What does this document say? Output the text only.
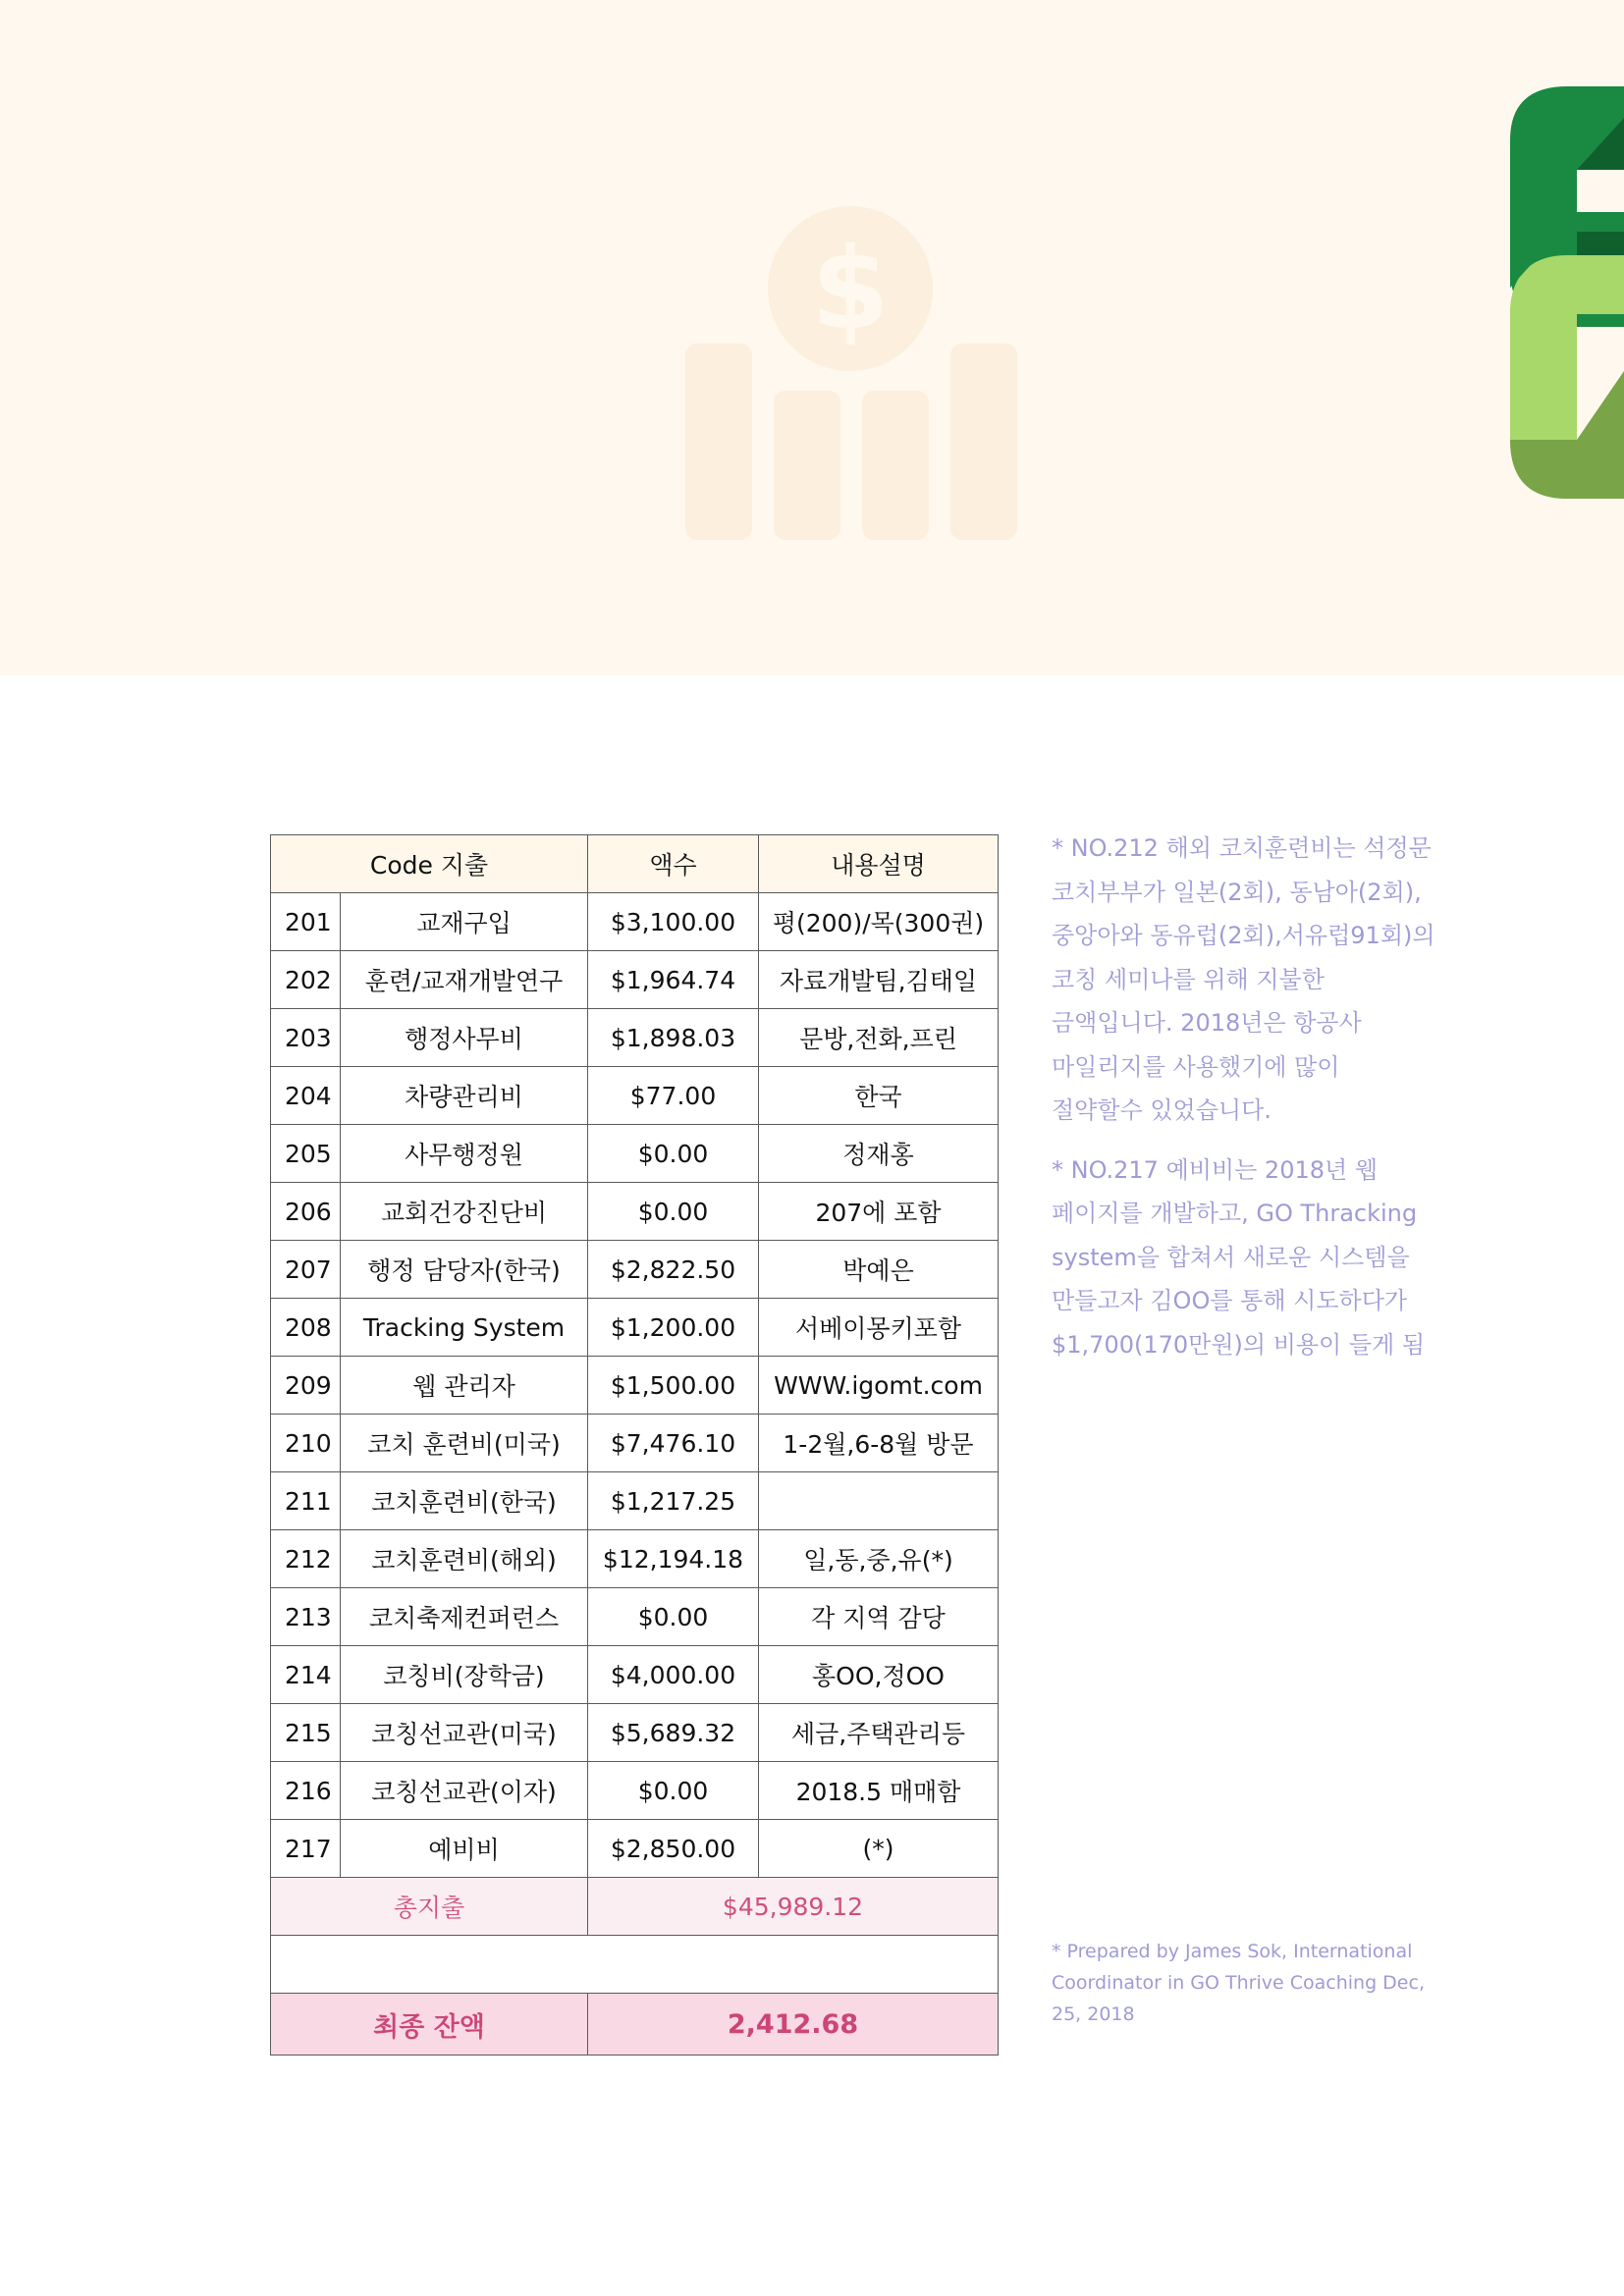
$
Code 지출		액수	내용설명
201	교재구입	$3,100.00	평(200)/목(300권)
202	훈련/교재개발연구	$1,964.74	자료개발팀,김태일
203	행정사무비	$1,898.03	문방,전화,프린
204	차량관리비	$77.00	한국
205	사무행정원	$0.00	정재홍
206	교회건강진단비	$0.00	207에 포함
207	행정 담당자(한국)	$2,822.50	박예은
208	Tracking System	$1,200.00	서베이몽키포함
209	웹 관리자	$1,500.00	WWW.igomt.com
210	코치 훈련비(미국)	$7,476.10	1-2월,6-8월 방문
211	코치훈련비(한국)	$1,217.25	
212	코치훈련비(해외)	$12,194.18	일,동,중,유(*)
213	코치축제컨퍼런스	$0.00	각 지역 감당
214	코칭비(장학금)	$4,000.00	홍OO,정OO
215	코칭선교관(미국)	$5,689.32	세금,주택관리등
216	코칭선교관(이자)	$0.00	2018.5 매매함
217	예비비	$2,850.00	(*)
총지출		$45,989.12	

최종 잔액		2,412.68	

* NO.212 해외 코치훈련비는 석정문
코치부부가 일본(2회), 동남아(2회),
중앙아와 동유럽(2회),서유럽91회)의
코칭 세미나를 위해 지불한
금액입니다. 2018년은 항공사
마일리지를 사용했기에 많이
절약할수 있었습니다.

* NO.217 예비비는 2018년 웹
페이지를 개발하고, GO Thracking
system을 합쳐서 새로운 시스템을
만들고자 김OO를 통해 시도하다가
$1,700(170만원)의 비용이 들게 됨

* Prepared by James Sok, International
Coordinator in GO Thrive Coaching Dec,
25, 2018
